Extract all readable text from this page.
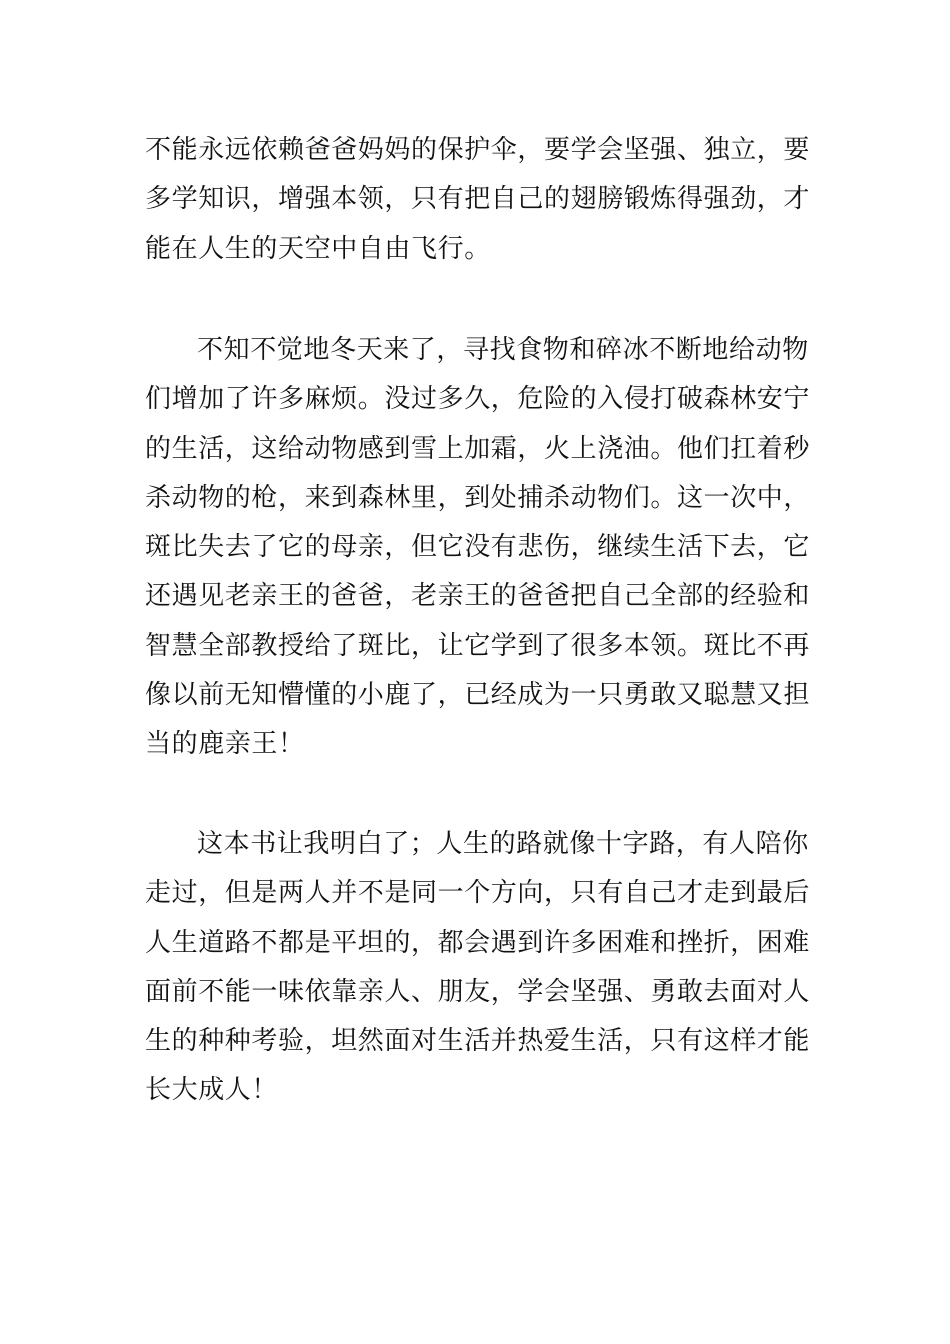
不能永远依赖爸爸妈妈的保护伞，要学会坚强、独立，要
多学知识，增强本领，只有把自己的翅膀锻炼得强劲，才
能在人生的天空中自由飞行。
不知不觉地冬天来了，寻找食物和碎冰不断地给动物
们增加了许多麻烦。没过多久，危险的入侵打破森林安宁
的生活，这给动物感到雪上加霜，火上浇油。他们扛着秒
杀动物的枪，来到森林里，到处捕杀动物们。这一次中，
斑比失去了它的母亲，但它没有悲伤，继续生活下去，它
还遇见老亲王的爸爸，老亲王的爸爸把自己全部的经验和
智慧全部教授给了斑比，让它学到了很多本领。斑比不再
像以前无知懵懂的小鹿了，已经成为一只勇敢又聪慧又担
当的鹿亲王！
这本书让我明白了；人生的路就像十字路，有人陪你
走过，但是两人并不是同一个方向，只有自己才走到最后
人生道路不都是平坦的，都会遇到许多困难和挫折，困难
面前不能一味依靠亲人、朋友，学会坚强、勇敢去面对人
生的种种考验，坦然面对生活并热爱生活，只有这样才能
长大成人！
